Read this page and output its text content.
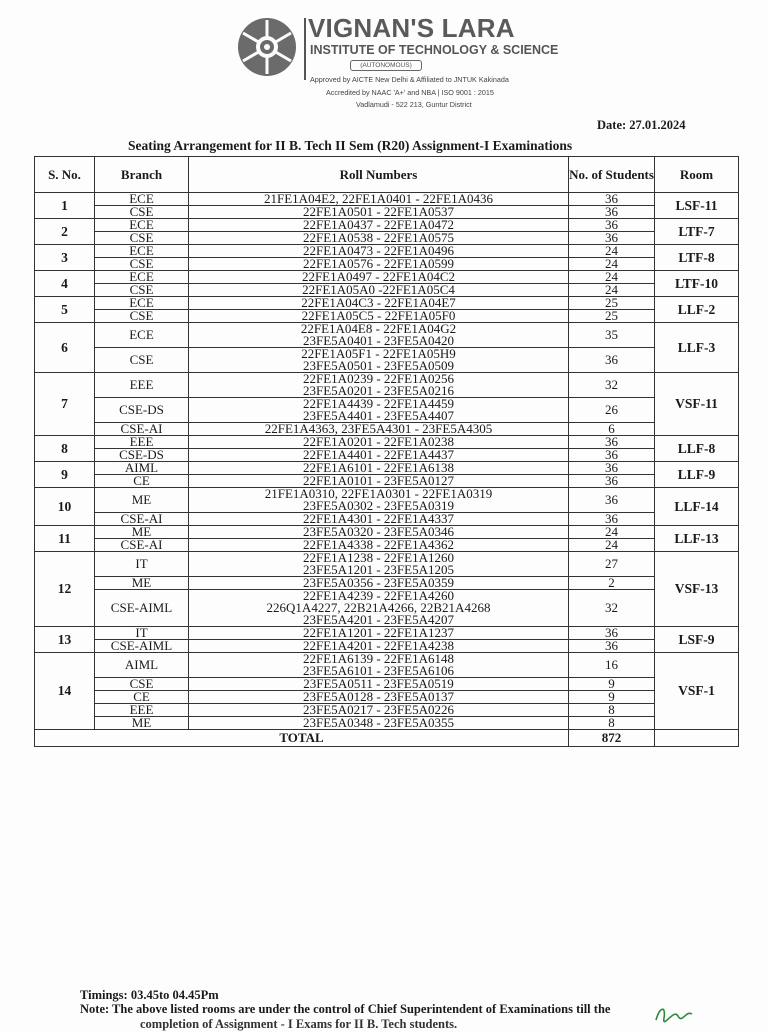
VIGNAN'S LARA
INSTITUTE OF TECHNOLOGY & SCIENCE
(AUTONOMOUS)
Approved by AICTE New Delhi & Affiliated to JNTUK Kakinada
Accredited by NAAC 'A+' and NBA | ISO 9001 : 2015
Vadlamudi - 522 213, Guntur District
Date: 27.01.2024
Seating Arrangement for II B. Tech II Sem (R20) Assignment-I Examinations
S. No.	Branch	Roll Numbers	No. of Students	Room
1	ECE	21FE1A04E2, 22FE1A0401 - 22FE1A0436	36	LSF-11
	CSE	22FE1A0501 - 22FE1A0537	36	
2	ECE	22FE1A0437 - 22FE1A0472	36	LTF-7
	CSE	22FE1A0538 - 22FE1A0575	36	
3	ECE	22FE1A0473 - 22FE1A0496	24	LTF-8
	CSE	22FE1A0576 - 22FE1A0599	24	
4	ECE	22FE1A0497 - 22FE1A04C2	24	LTF-10
	CSE	22FE1A05A0 -22FE1A05C4	24	
5	ECE	22FE1A04C3 - 22FE1A04E7	25	LLF-2
	CSE	22FE1A05C5 - 22FE1A05F0	25	
6	ECE	22FE1A04E8 - 22FE1A04G2
23FE5A0401 - 23FE5A0420	35	LLF-3
	CSE	22FE1A05F1 - 22FE1A05H9
23FE5A0501 - 23FE5A0509	36	
7	EEE	22FE1A0239 - 22FE1A0256
23FE5A0201 - 23FE5A0216	32	VSF-11
	CSE-DS	22FE1A4439 - 22FE1A4459
23FE5A4401 - 23FE5A4407	26	
	CSE-AI	22FE1A4363, 23FE5A4301 - 23FE5A4305	6	
8	EEE	22FE1A0201 - 22FE1A0238	36	LLF-8
	CSE-DS	22FE1A4401 - 22FE1A4437	36	
9	AIML	22FE1A6101 - 22FE1A6138	36	LLF-9
	CE	22FE1A0101 - 23FE5A0127	36	
10	ME	21FE1A0310, 22FE1A0301 - 22FE1A0319
23FE5A0302 - 23FE5A0319	36	LLF-14
	CSE-AI	22FE1A4301 - 22FE1A4337	36	
11	ME	23FE5A0320 - 23FE5A0346	24	LLF-13
	CSE-AI	22FE1A4338 - 22FE1A4362	24	
12	IT	22FE1A1238 - 22FE1A1260
23FE5A1201 - 23FE5A1205	27	VSF-13
	ME	23FE5A0356 - 23FE5A0359	2	
	CSE-AIML	22FE1A4239 - 22FE1A4260
226Q1A4227, 22B21A4266, 22B21A4268
23FE5A4201 - 23FE5A4207	32	
13	IT	22FE1A1201 - 22FE1A1237	36	LSF-9
	CSE-AIML	22FE1A4201 - 22FE1A4238	36	
14	AIML	22FE1A6139 - 22FE1A6148
23FE5A6101 - 23FE5A6106	16	VSF-1
	CSE	23FE5A0511 - 23FE5A0519	9	
	CE	23FE5A0128 - 23FE5A0137	9	
	EEE	23FE5A0217 - 23FE5A0226	8	
	ME	23FE5A0348 - 23FE5A0355	8	
TOTAL			872	
Timings: 03.45to 04.45Pm
Note: The above listed rooms are under the control of Chief Superintendent of Examinations till the
completion of Assignment - I Exams for II B. Tech students.
